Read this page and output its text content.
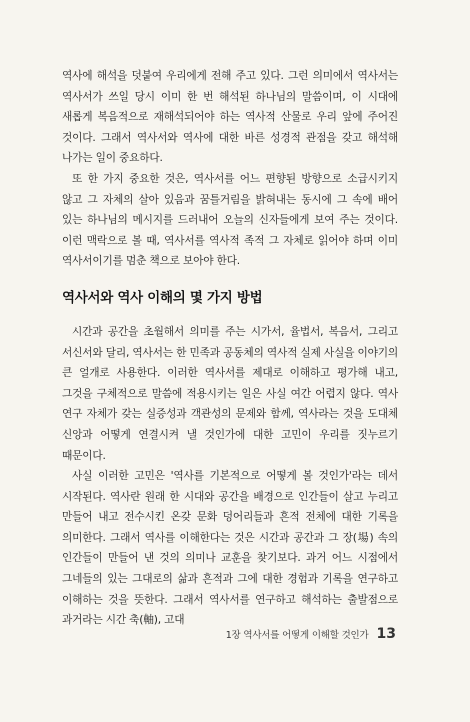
역사에 해석을 덧붙여 우리에게 전해 주고 있다. 그런 의미에서 역사서는 역사서가 쓰일 당시 이미 한 번 해석된 하나님의 말씀이며, 이 시대에 새롭게 복음적으로 재해석되어야 하는 역사적 산물로 우리 앞에 주어진 것이다. 그래서 역사서와 역사에 대한 바른 성경적 관점을 갖고 해석해 나가는 일이 중요하다.

또 한 가지 중요한 것은, 역사서를 어느 편향된 방향으로 소급시키지 않고 그 자체의 살아 있음과 꿈틀거림을 밝혀내는 동시에 그 속에 배어 있는 하나님의 메시지를 드러내어 오늘의 신자들에게 보여 주는 것이다. 이런 맥락으로 볼 때, 역사서를 역사적 족적 그 자체로 읽어야 하며 이미 역사서이기를 멈춘 책으로 보아야 한다.

역사서와 역사 이해의 몇 가지 방법

시간과 공간을 초월해서 의미를 주는 시가서, 율법서, 복음서, 그리고 서신서와 달리, 역사서는 한 민족과 공동체의 역사적 실제 사실을 이야기의 큰 얼개로 사용한다. 이러한 역사서를 제대로 이해하고 평가해 내고, 그것을 구체적으로 말씀에 적용시키는 일은 사실 여간 어렵지 않다. 역사 연구 자체가 갖는 실증성과 객관성의 문제와 함께, 역사라는 것을 도대체 신앙과 어떻게 연결시켜 낼 것인가에 대한 고민이 우리를 짓누르기 때문이다.

사실 이러한 고민은 '역사를 기본적으로 어떻게 볼 것인가'라는 데서 시작된다. 역사란 원래 한 시대와 공간을 배경으로 인간들이 살고 누리고 만들어 내고 전수시킨 온갖 문화 덩어리들과 흔적 전체에 대한 기록을 의미한다. 그래서 역사를 이해한다는 것은 시간과 공간과 그 장(場) 속의 인간들이 만들어 낸 것의 의미나 교훈을 찾기보다. 과거 어느 시점에서 그네들의 있는 그대로의 삶과 흔적과 그에 대한 경험과 기록을 연구하고 이해하는 것을 뜻한다. 그래서 역사서를 연구하고 해석하는 출발점으로 과거라는 시간 축(軸), 고대

1장 역사서를 어떻게 이해할 것인가 13
